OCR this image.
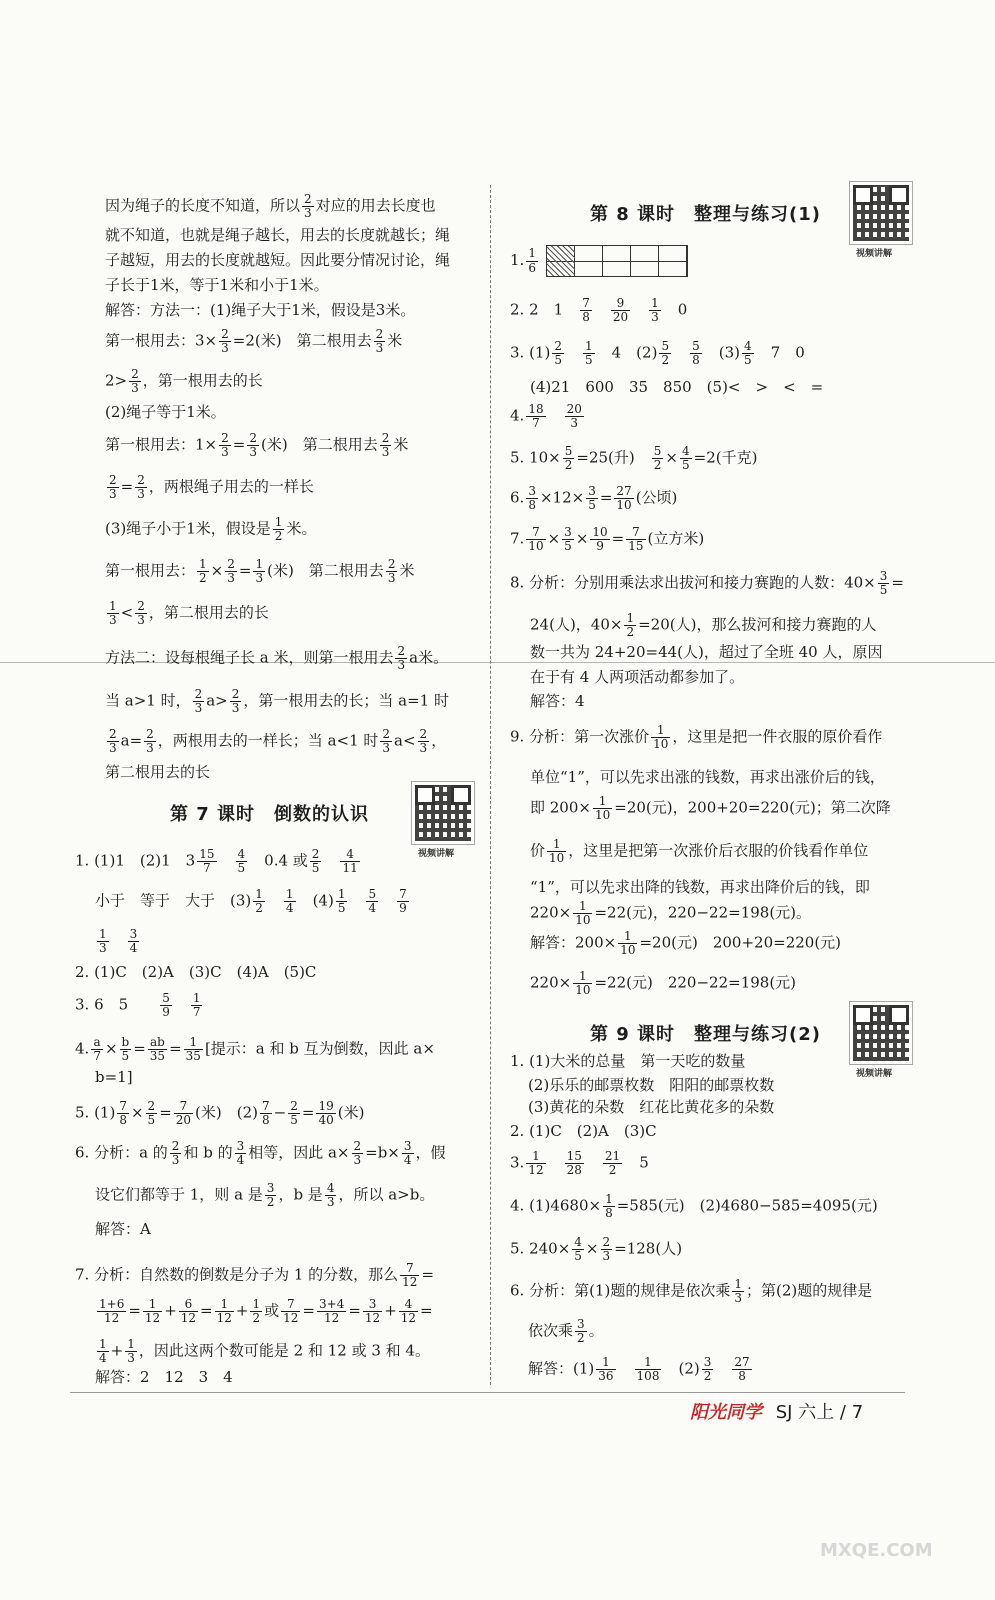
因为绳子的长度不知道，所以 $\frac{2}{3}$ 对应的用去长度也
就不知道，也就是绳子越长，用去的长度就越长；绳
子越短，用去的长度就越短。因此要分情况讨论，绳
子长于1米，等于1米和小于1米。
解答：方法一：(1)绳子大于1米，假设是3米。
第一根用去：$3\times \frac{2}{3} =2$(米)　第二根用去 $\frac{2}{3}$ 米
$2> \frac{2}{3}$ ，第一根用去的长
(2)绳子等于1米。
第一根用去：$1\times \frac{2}{3} = \frac{2}{3}$ (米)　第二根用去 $\frac{2}{3}$ 米
$\frac{2}{3} = \frac{2}{3}$ ，两根绳子用去的一样长
(3)绳子小于1米，假设是 $\frac{1}{2}$ 米。
第一根用去： $\frac{1}{2} \times \frac{2}{3} = \frac{1}{3}$ (米)　第二根用去 $\frac{2}{3}$ 米
$\frac{1}{3} < \frac{2}{3}$ ，第二根用去的长
方法二：设每根绳子长 a 米，则第一根用去 $\frac{2}{3}$ a米。
当 a>1 时， $\frac{2}{3} a> \frac{2}{3}$ ，第一根用去的长；当 a=1 时
$\frac{2}{3} a= \frac{2}{3}$ ，两根用去的一样长；当 a<1 时 $\frac{2}{3} a< \frac{2}{3}$ ，
第二根用去的长
第 7 课时　倒数的认识
视频讲解
1. (1)1　(2)1　$3 \frac{15}{7}$
　 $\frac{4}{5}$
　 0.4 或 $\frac{2}{5}$
　 $\frac{4}{11}$
小于　等于　大于　$(3) \frac{1}{2}$
　 $\frac{1}{4}$
　 $(4) \frac{1}{5}$
　 $\frac{5}{4}$
　 $\frac{7}{9}$
$\frac{1}{3}$
　 $\frac{3}{4}$
2. (1)C　(2)A　(3)C　(4)A　(5)C
3. 6　5　　	$\frac{5}{9}$
　 $\frac{1}{7}$
4. $\frac{a}{7} \times \frac{b}{5} = \frac{ab}{35} = \frac{1}{35}$ [提示：a 和 b 互为倒数，因此 a×
b=1]
5. $(1) \frac{7}{8} \times \frac{2}{5} = \frac{7}{20}$ (米)　$(2) \frac{7}{8} - \frac{2}{5} = \frac{19}{40}$ (米)
6. 分析：a 的 $\frac{2}{3}$ 和 b 的 $\frac{3}{4}$ 相等，因此 $a\times \frac{2}{3} =b\times \frac{3}{4}$ ，假
设它们都等于 1，则 a 是 $\frac{3}{2}$ ，b 是 $\frac{4}{3}$ ，所以 a>b。
解答：A
7. 分析：自然数的倒数是分子为 1 的分数，那么 $\frac{7}{12}$ =
$\frac{1+6}{12} = \frac{1}{12} + \frac{6}{12} = \frac{1}{12} + \frac{1}{2}$ 或 $\frac{7}{12} = \frac{3+4}{12} = \frac{3}{12} + \frac{4}{12}$ =
$\frac{1}{4} + \frac{1}{3}$ ，因此这两个数可能是 2 和 12 或 3 和 4。
解答：2　12　3　4
第 8 课时　整理与练习(1)
视频讲解
1. $\frac{1}{6}$
2. 2　1　 $\frac{7}{8}$
　 $\frac{9}{20}$
　 $\frac{1}{3}$
　 0
3. $(1) \frac{2}{5}$
　 $\frac{1}{5}$
　 4　$(2) \frac{5}{2}$
　 $\frac{5}{8}$
　 $(3) \frac{4}{5}$
　 7　0
(4)21　600　35　850　(5)<　>　<　=
4. $\frac{18}{7}$
　 $\frac{20}{3}$
5. $10\times \frac{5}{2} =25$(升)　 $\frac{5}{2} \times \frac{4}{5} =2$(千克)
6. $\frac{3}{8} \times 12\times \frac{3}{5} = \frac{27}{10}$ (公顷)
7. $\frac{7}{10} \times \frac{3}{5} \times \frac{10}{9} = \frac{7}{15}$ (立方米)
8. 分析：分别用乘法求出拔河和接力赛跑的人数：$40\times \frac{3}{5}$ =
24(人)，$40\times \frac{1}{2} =20$(人)，那么拔河和接力赛跑的人
数一共为 24+20=44(人)，超过了全班 40 人，原因
在于有 4 人两项活动都参加了。
解答：4
9. 分析：第一次涨价 $\frac{1}{10}$ ，这里是把一件衣服的原价看作
单位“1”，可以先求出涨的钱数，再求出涨价后的钱，
即 $200\times \frac{1}{10} =20$(元)，200+20=220(元)；第二次降
价 $\frac{1}{10}$ ，这里是把第一次涨价后衣服的价钱看作单位
“1”，可以先求出降的钱数，再求出降价后的钱，即
$220\times \frac{1}{10} =22$(元)，220−22=198(元)。
解答：$200\times \frac{1}{10} =20$(元)　200+20=220(元)
$220\times \frac{1}{10} =22$(元)　220−22=198(元)
第 9 课时　整理与练习(2)
视频讲解
1. (1)大米的总量　第一天吃的数量
(2)乐乐的邮票枚数　阳阳的邮票枚数
(3)黄花的朵数　红花比黄花多的朵数
2. (1)C　(2)A　(3)C
3. $\frac{1}{12}$
　 $\frac{15}{28}$
　 $\frac{21}{2}$
　 5
4. $(1)4680\times \frac{1}{8} =585$(元)　(2)4680−585=4095(元)
5. $240\times \frac{4}{5} \times \frac{2}{3} =128$(人)
6. 分析：第(1)题的规律是依次乘 $\frac{1}{3}$ ；第(2)题的规律是
依次乘 $\frac{3}{2}$ 。
解答：$(1) \frac{1}{36}$
　 $\frac{1}{108}$
　 $(2) \frac{3}{2}$
　 $\frac{27}{8}$
阳光同学 SJ 六上 / 7
MXQE.COM
